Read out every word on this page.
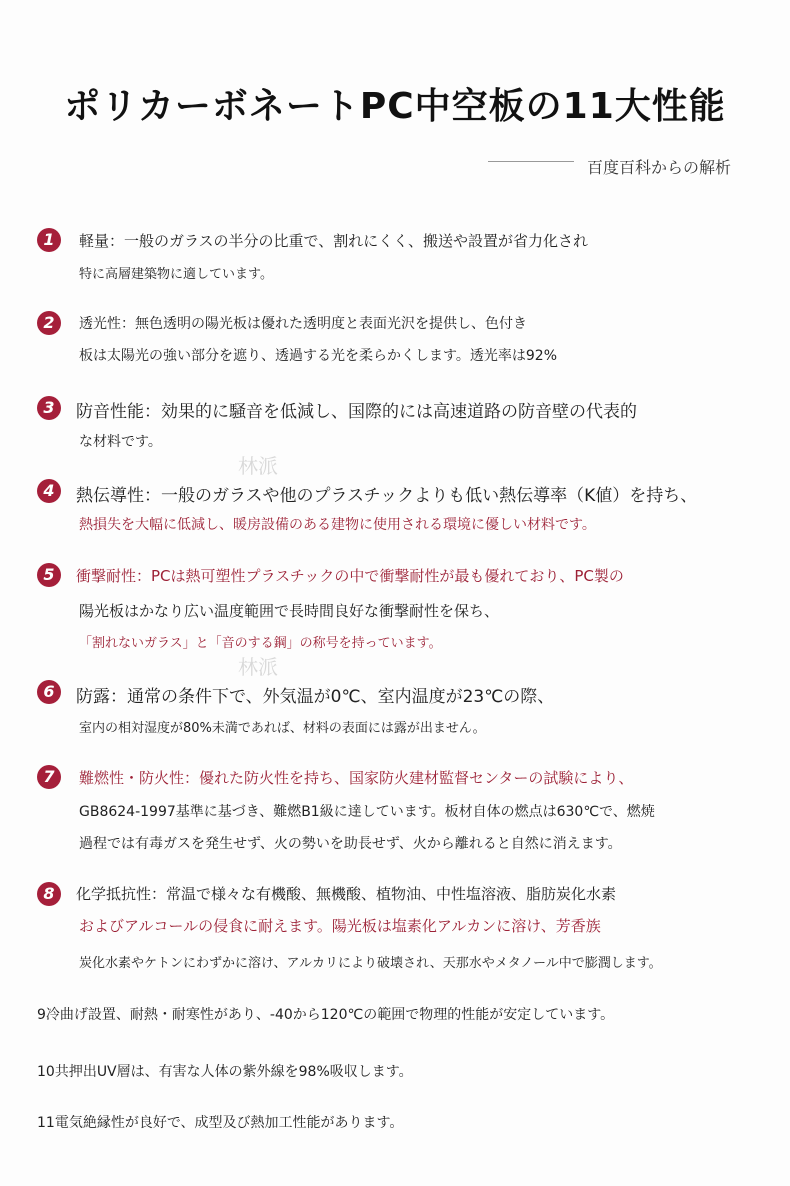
ポリカーボネートPC中空板の11大性能
百度百科からの解析
林派
林派
1	軽量：一般のガラスの半分の比重で、割れにくく、搬送や設置が省力化され
特に高層建築物に適しています。
2	透光性：無色透明の陽光板は優れた透明度と表面光沢を提供し、色付き
板は太陽光の強い部分を遮り、透過する光を柔らかくします。透光率は92%
3	防音性能：効果的に騒音を低減し、国際的には高速道路の防音壁の代表的
な材料です。
4	熱伝導性：一般のガラスや他のプラスチックよりも低い熱伝導率（K値）を持ち、
熱損失を大幅に低減し、暖房設備のある建物に使用される環境に優しい材料です。
5	衝撃耐性：PCは熱可塑性プラスチックの中で衝撃耐性が最も優れており、PC製の
陽光板はかなり広い温度範囲で長時間良好な衝撃耐性を保ち、
「割れないガラス」と「音のする鋼」の称号を持っています。
6	防露：通常の条件下で、外気温が0℃、室内温度が23℃の際、
室内の相対湿度が80%未満であれば、材料の表面には露が出ません。
7	難燃性・防火性：優れた防火性を持ち、国家防火建材監督センターの試験により、
GB8624-1997基準に基づき、難燃B1級に達しています。板材自体の燃点は630℃で、燃焼
過程では有毒ガスを発生せず、火の勢いを助長せず、火から離れると自然に消えます。
8	化学抵抗性：常温で様々な有機酸、無機酸、植物油、中性塩溶液、脂肪炭化水素
およびアルコールの侵食に耐えます。陽光板は塩素化アルカンに溶け、芳香族
炭化水素やケトンにわずかに溶け、アルカリにより破壊され、天那水やメタノール中で膨潤します。
9冷曲げ設置、耐熱・耐寒性があり、-40から120℃の範囲で物理的性能が安定しています。
10共押出UV層は、有害な人体の紫外線を98%吸収します。
11電気絶縁性が良好で、成型及び熱加工性能があります。
